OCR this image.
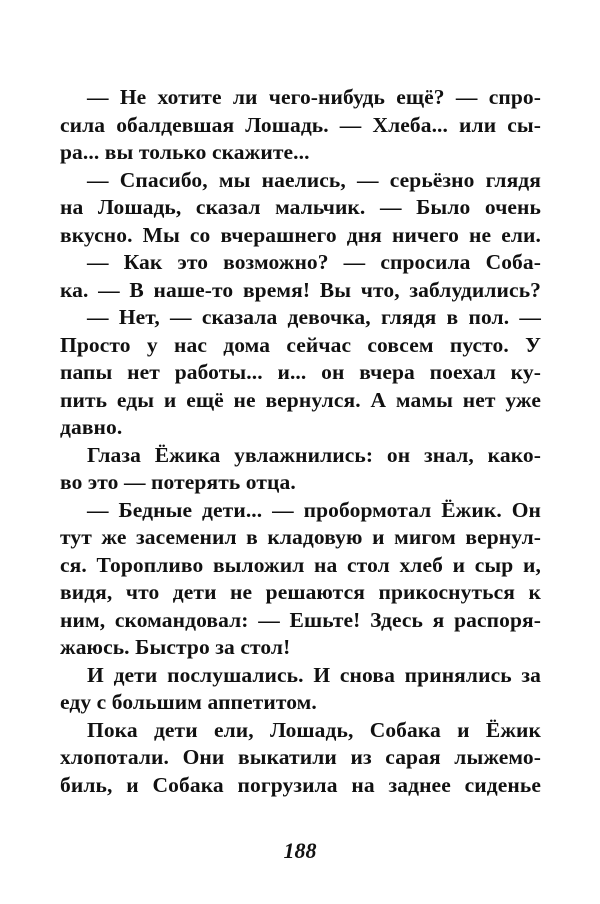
— Не хотите ли чего-нибудь ещё? — спро-
сила обалдевшая Лошадь. — Хлеба... или сы-
ра... вы только скажите...
— Спасибо, мы наелись, — серьёзно глядя
на Лошадь, сказал мальчик. — Было очень
вкусно. Мы со вчерашнего дня ничего не ели.
— Как это возможно? — спросила Соба-
ка. — В наше-то время! Вы что, заблудились?
— Нет, — сказала девочка, глядя в пол. —
Просто у нас дома сейчас совсем пусто. У
папы нет работы... и... он вчера поехал ку-
пить еды и ещё не вернулся. А мамы нет уже
давно.
Глаза Ёжика увлажнились: он знал, како-
во это — потерять отца.
— Бедные дети... — пробормотал Ёжик. Он
тут же засеменил в кладовую и мигом вернул-
ся. Торопливо выложил на стол хлеб и сыр и,
видя, что дети не решаются прикоснуться к
ним, скомандовал: — Ешьте! Здесь я распоря-
жаюсь. Быстро за стол!
И дети послушались. И снова принялись за
еду с большим аппетитом.
Пока дети ели, Лошадь, Собака и Ёжик
хлопотали. Они выкатили из сарая лыжемо-
биль, и Собака погрузила на заднее сиденье
188
